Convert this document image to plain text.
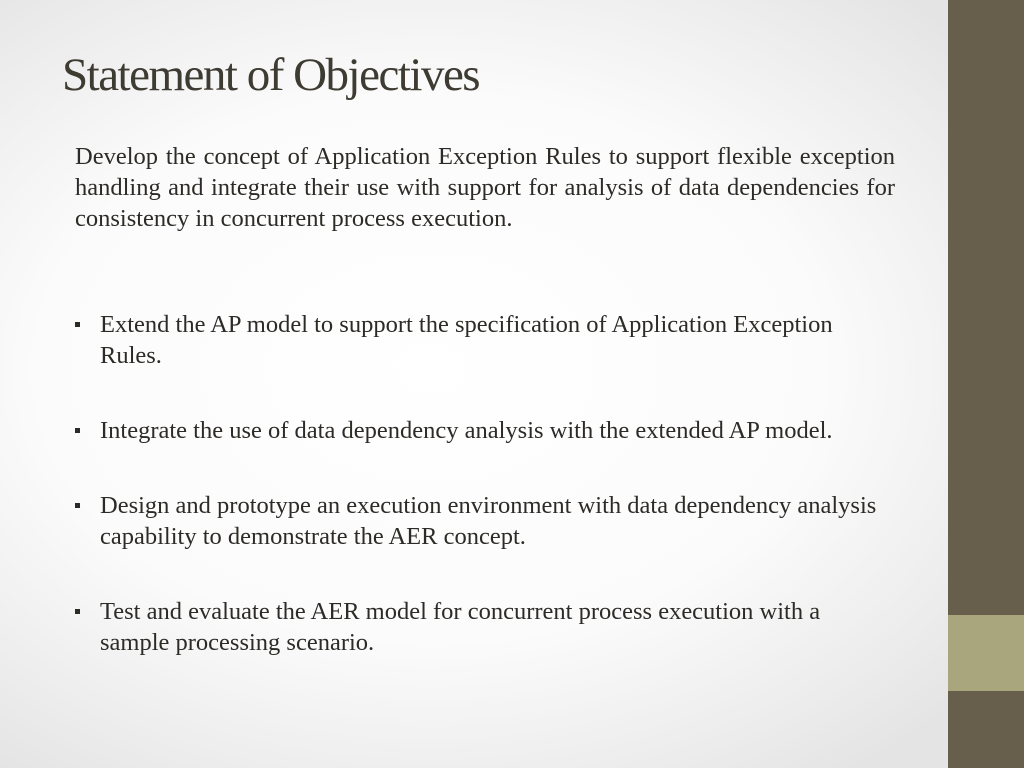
Statement of Objectives

Develop the concept of Application Exception Rules to support flexible exception handling and integrate their use with support for analysis of data dependencies for consistency in concurrent process execution.

Extend the AP model to support the specification of Application Exception Rules.
Integrate the use of data dependency analysis with the extended AP model.
Design and prototype an execution environment with data dependency analysis capability to demonstrate the AER concept.
Test and evaluate the AER model for concurrent process execution with a sample processing scenario.
